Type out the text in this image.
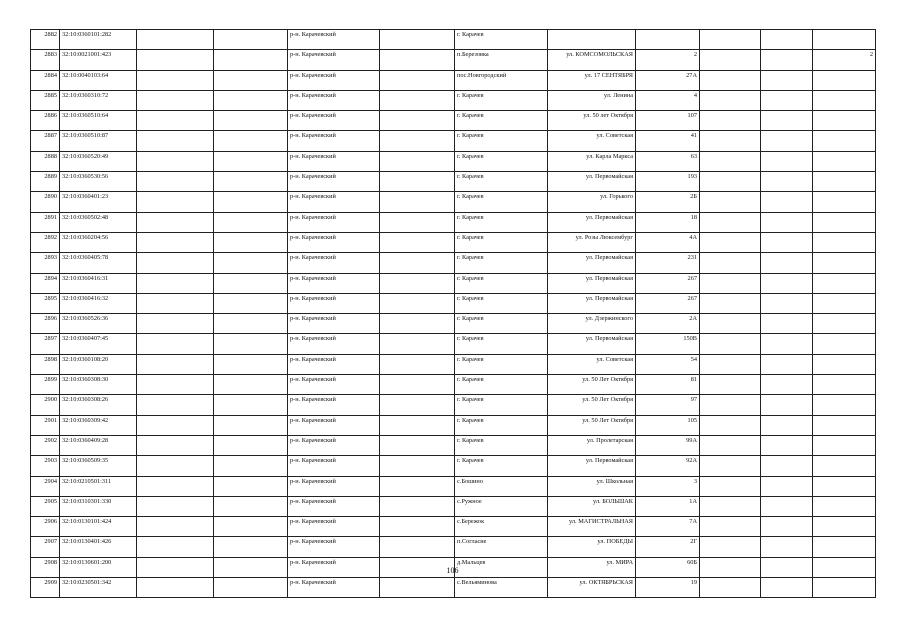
2882	32:10:0360101:282			р-н. Карачевский		г. Карачев					
2883	32:10:0021001:423			р-н. Карачевский		п.Березовка	ул. КОМСОМОЛЬСКАЯ	2			2
2884	32:10:0040103:64			р-н. Карачевский		пос.Новгородский	ул. 17 СЕНТЯБРЯ	27А			
2885	32:10:0360310:72			р-н. Карачевский		г. Карачев	ул. Ленина	4			
2886	32:10:0360510:64			р-н. Карачевский		г. Карачев	ул. 50 лет Октября	107			
2887	32:10:0360510:87			р-н. Карачевский		г. Карачев	ул. Советская	41			
2888	32:10:0360520:49			р-н. Карачевский		г. Карачев	ул. Карла Маркса	63			
2889	32:10:0360530:56			р-н. Карачевский		г. Карачев	ул. Первомайская	193			
2890	32:10:0360401:23			р-н. Карачевский		г. Карачев	ул. Горького	2Б			
2891	32:10:0360502:48			р-н. Карачевский		г. Карачев	ул. Первомайская	18			
2892	32:10:0360204:56			р-н. Карачевский		г. Карачев	ул. Розы Люксембург	4А			
2893	32:10:0360405:78			р-н. Карачевский		г. Карачев	ул. Первомайская	231			
2894	32:10:0360416:31			р-н. Карачевский		г. Карачев	ул. Первомайская	267			
2895	32:10:0360416:32			р-н. Карачевский		г. Карачев	ул. Первомайская	267			
2896	32:10:0360526:36			р-н. Карачевский		г. Карачев	ул. Дзержинского	2А			
2897	32:10:0360407:45			р-н. Карачевский		г. Карачев	ул. Первомайская	150В			
2898	32:10:0360108:20			р-н. Карачевский		г. Карачев	ул. Советская	54			
2899	32:10:0360308:30			р-н. Карачевский		г. Карачев	ул. 50 Лет Октября	81			
2900	32:10:0360308:26			р-н. Карачевский		г. Карачев	ул. 50 Лет Октября	97			
2901	32:10:0360309:42			р-н. Карачевский		г. Карачев	ул. 50 Лет Октября	105			
2902	32:10:0360409:28			р-н. Карачевский		г. Карачев	ул. Пролетарская	99А			
2903	32:10:0360509:35			р-н. Карачевский		г. Карачев	ул. Первомайская	92А			
2904	32:10:0210501:311			р-н. Карачевский		с.Бошино	ул. Школьная	3			
2905	32:10:0310301:330			р-н. Карачевский		с.Ружное	ул. БОЛЬШАК	1А			
2906	32:10:0130101:424			р-н. Карачевский		с.Бережок	ул. МАГИСТРАЛЬНАЯ	7А			
2907	32:10:0130401:426			р-н. Карачевский		п.Согласие	ул. ПОБЕДЫ	2Г			
2908	32:10:0130601:200			р-н. Карачевский		д.Мальцев	ул. МИРА	60Б			
2909	32:10:0230501:342			р-н. Карачевский		с.Вельяминова	ул. ОКТЯБРЬСКАЯ	19			
106
